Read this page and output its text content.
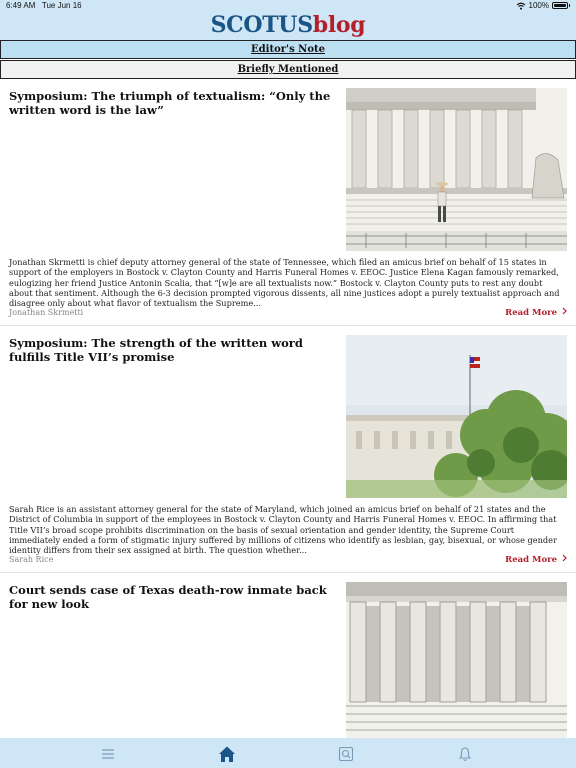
6:49 AM Tue Jun 16	100%
SCOTUSblog
Editor's Note
Briefly Mentioned
Symposium: The triumph of textualism: “Only the written word is the law”
Jonathan Skrmetti is chief deputy attorney general of the state of Tennessee, which filed an amicus brief on behalf of 15 states in support of the employers in Bostock v. Clayton County and Harris Funeral Homes v. EEOC. Justice Elena Kagan famously remarked, eulogizing her friend Justice Antonin Scalia, that “[w]e are all textualists now.” Bostock v. Clayton County puts to rest any doubt about that sentiment. Although the 6-3 decision prompted vigorous dissents, all nine justices adopt a purely textualist approach and disagree only about what flavor of textualism the Supreme...
Jonathan Skrmetti	Read More
Symposium: The strength of the written word fulfills Title VII’s promise
Sarah Rice is an assistant attorney general for the state of Maryland, which joined an amicus brief on behalf of 21 states and the District of Columbia in support of the employees in Bostock v. Clayton County and Harris Funeral Homes v. EEOC. In affirming that Title VII’s broad scope prohibits discrimination on the basis of sexual orientation and gender identity, the Supreme Court immediately ended a form of stigmatic injury suffered by millions of citizens who identify as lesbian, gay, bisexual, or whose gender identity differs from their sex assigned at birth. The question whether...
Sarah Rice	Read More
Court sends case of Texas death-row inmate back for new look
